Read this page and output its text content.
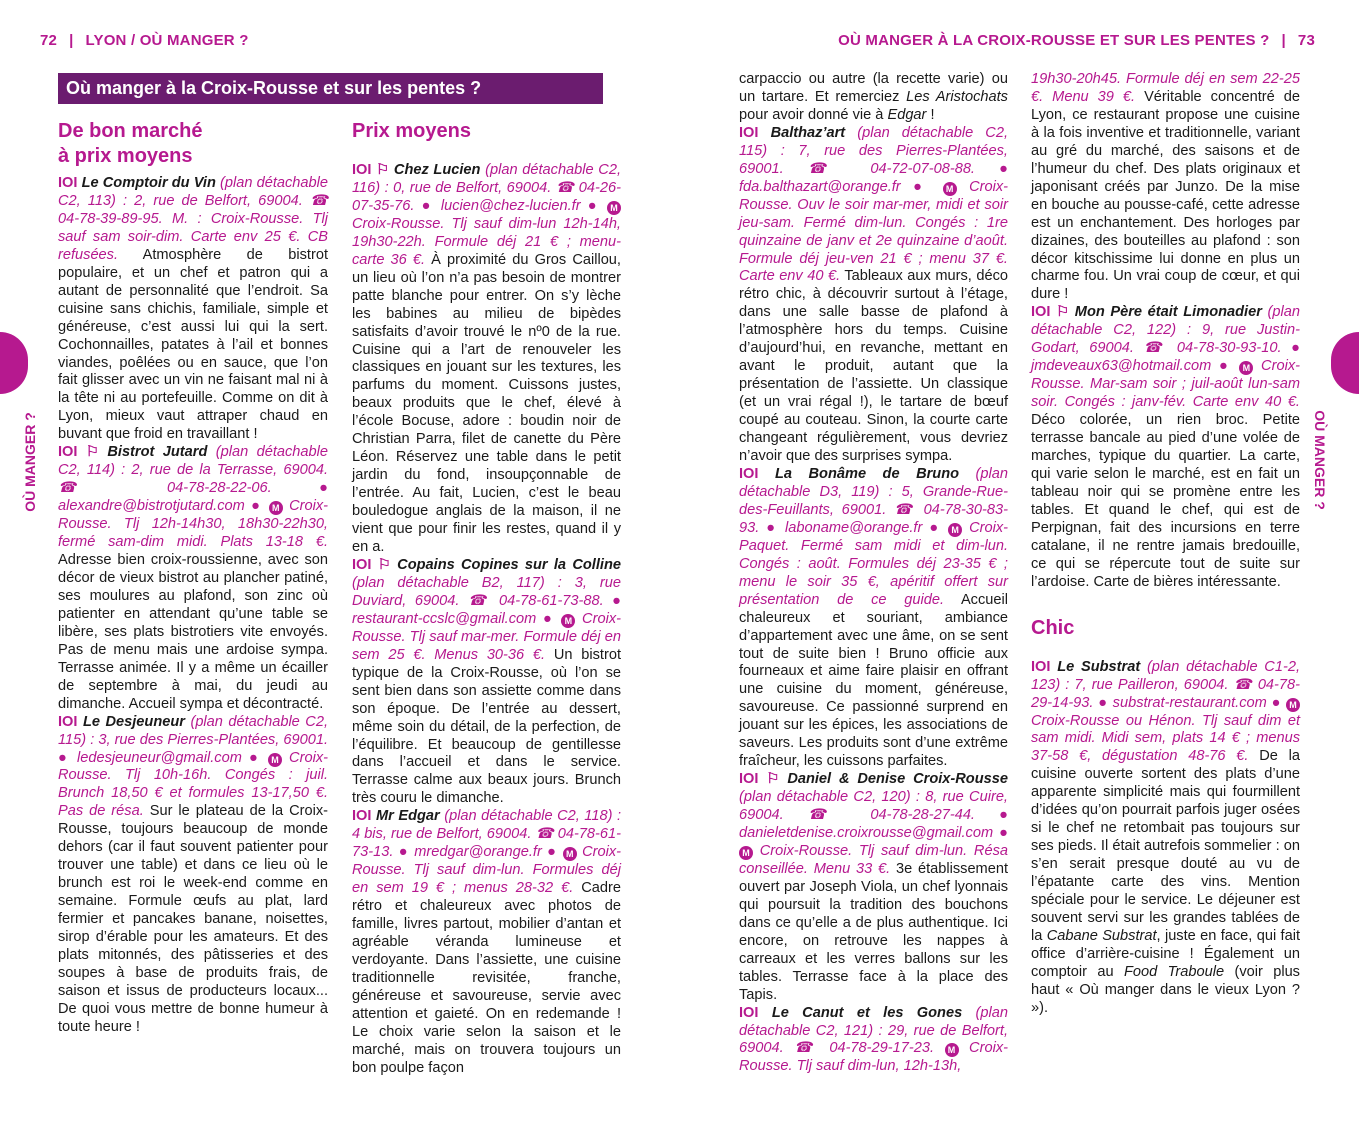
72 | LYON / OÙ MANGER ?	OÙ MANGER À LA CROIX-ROUSSE ET SUR LES PENTES ? | 73
OÙ MANGER ?	OÙ MANGER ?
Où manger à la Croix-Rousse et sur les pentes ?
De bon marché
à prix moyens

IOI Le Comptoir du Vin (plan détachable C2, 113) : 2, rue de Belfort, 69004. ☎ 04-78-39-89-95. M. : Croix-Rousse. Tlj sauf sam soir-dim. Carte env 25 €. CB refusées. Atmosphère de bistrot populaire, et un chef et patron qui a autant de personnalité que l’endroit. Sa cuisine sans chichis, familiale, simple et généreuse, c’est aussi lui qui la sert. Cochonnailles, patates à l’ail et bonnes viandes, poêlées ou en sauce, que l’on fait glisser avec un vin ne faisant mal ni à la tête ni au portefeuille. Comme on dit à Lyon, mieux vaut attraper chaud en buvant que froid en travaillant !

IOI ⚐ Bistrot Jutard (plan détachable C2, 114) : 2, rue de la Terrasse, 69004. ☎ 04-78-28-22-06. ● alexandre@bistrotjutard.com ● M Croix-Rousse. Tlj 12h-14h30, 18h30-22h30, fermé sam-dim midi. Plats 13-18 €. Adresse bien croix-roussienne, avec son décor de vieux bistrot au plancher patiné, ses moulures au plafond, son zinc où patienter en attendant qu’une table se libère, ses plats bistrotiers vite envoyés. Pas de menu mais une ardoise sympa. Terrasse animée. Il y a même un écailler de septembre à mai, du jeudi au dimanche. Accueil sympa et décontracté.

IOI Le Desjeuneur (plan détachable C2, 115) : 3, rue des Pierres-Plantées, 69001. ● ledesjeuneur@gmail.com ● M Croix-Rousse. Tlj 10h-16h. Congés : juil. Brunch 18,50 € et formules 13-17,50 €. Pas de résa. Sur le plateau de la Croix-Rousse, toujours beaucoup de monde dehors (car il faut souvent patienter pour trouver une table) et dans ce lieu où le brunch est roi le week-end comme en semaine. Formule œufs au plat, lard fermier et pancakes banane, noisettes, sirop d’érable pour les amateurs. Et des plats mitonnés, des pâtisseries et des soupes à base de produits frais, de saison et issus de producteurs locaux... De quoi vous mettre de bonne humeur à toute heure !

Prix moyens

IOI ⚐ Chez Lucien (plan détachable C2, 116) : 0, rue de Belfort, 69004. ☎ 04-26-07-35-76. ● lucien@chez-lucien.fr ● M Croix-Rousse. Tlj sauf dim-lun 12h-14h, 19h30-22h. Formule déj 21 € ; menu-carte 36 €. À proximité du Gros Caillou, un lieu où l’on n’a pas besoin de montrer patte blanche pour entrer. On s’y lèche les babines au milieu de bipèdes satisfaits d’avoir trouvé le nº0 de la rue. Cuisine qui a l’art de renouveler les classiques en jouant sur les textures, les parfums du moment. Cuissons justes, beaux produits que le chef, élevé à l’école Bocuse, adore : boudin noir de Christian Parra, filet de canette du Père Léon. Réservez une table dans le petit jardin du fond, insoupçonnable de l’entrée. Au fait, Lucien, c’est le beau bouledogue anglais de la maison, il ne vient que pour finir les restes, quand il y en a.

IOI ⚐ Copains Copines sur la Colline (plan détachable B2, 117) : 3, rue Duviard, 69004. ☎ 04-78-61-73-88. ● restaurant-ccslc@gmail.com ● M Croix-Rousse. Tlj sauf mar-mer. Formule déj en sem 25 €. Menus 30-36 €. Un bistrot typique de la Croix-Rousse, où l’on se sent bien dans son assiette comme dans son époque. De l’entrée au dessert, même soin du détail, de la perfection, de l’équilibre. Et beaucoup de gentillesse dans l’accueil et dans le service. Terrasse calme aux beaux jours. Brunch très couru le dimanche.

IOI Mr Edgar (plan détachable C2, 118) : 4 bis, rue de Belfort, 69004. ☎ 04-78-61-73-13. ● mredgar@orange.fr ● M Croix-Rousse. Tlj sauf dim-lun. Formules déj en sem 19 € ; menus 28-32 €. Cadre rétro et chaleureux avec photos de famille, livres partout, mobilier d’antan et agréable véranda lumineuse et verdoyante. Dans l’assiette, une cuisine traditionnelle revisitée, franche, généreuse et savoureuse, servie avec attention et gaieté. On en redemande ! Le choix varie selon la saison et le marché, mais on trouvera toujours un bon poulpe façon

carpaccio ou autre (la recette varie) ou un tartare. Et remerciez Les Aristochats pour avoir donné vie à Edgar !

IOI Balthaz’art (plan détachable C2, 115) : 7, rue des Pierres-Plantées, 69001. ☎ 04-72-07-08-88. ● fda.balthazart@orange.fr ● M Croix-Rousse. Ouv le soir mar-mer, midi et soir jeu-sam. Fermé dim-lun. Congés : 1re quinzaine de janv et 2e quinzaine d’août. Formule déj jeu-ven 21 € ; menu 37 €. Carte env 40 €. Tableaux aux murs, déco rétro chic, à découvrir surtout à l’étage, dans une salle basse de plafond à l’atmosphère hors du temps. Cuisine d’aujourd’hui, en revanche, mettant en avant le produit, autant que la présentation de l’assiette. Un classique (et un vrai régal !), le tartare de bœuf coupé au couteau. Sinon, la courte carte changeant régulièrement, vous devriez n’avoir que des surprises sympa.

IOI La Bonâme de Bruno (plan détachable D3, 119) : 5, Grande-Rue-des-Feuillants, 69001. ☎ 04-78-30-83-93. ● laboname@orange.fr ● M Croix-Paquet. Fermé sam midi et dim-lun. Congés : août. Formules déj 23-35 € ; menu le soir 35 €, apéritif offert sur présentation de ce guide. Accueil chaleureux et souriant, ambiance d’appartement avec une âme, on se sent tout de suite bien ! Bruno officie aux fourneaux et aime faire plaisir en offrant une cuisine du moment, généreuse, savoureuse. Ce passionné surprend en jouant sur les épices, les associations de saveurs. Les produits sont d’une extrême fraîcheur, les cuissons parfaites.

IOI ⚐ Daniel & Denise Croix-Rousse (plan détachable C2, 120) : 8, rue Cuire, 69004. ☎ 04-78-28-27-44. ● danieletdenise.croixrousse@gmail.com ● M Croix-Rousse. Tlj sauf dim-lun. Résa conseillée. Menu 33 €. 3e établissement ouvert par Joseph Viola, un chef lyonnais qui poursuit la tradition des bouchons dans ce qu’elle a de plus authentique. Ici encore, on retrouve les nappes à carreaux et les verres ballons sur les tables. Terrasse face à la place des Tapis.

IOI Le Canut et les Gones (plan détachable C2, 121) : 29, rue de Belfort, 69004. ☎ 04-78-29-17-23. M Croix-Rousse. Tlj sauf dim-lun, 12h-13h,

19h30-20h45. Formule déj en sem 22-25 €. Menu 39 €. Véritable concentré de Lyon, ce restaurant propose une cuisine à la fois inventive et traditionnelle, variant au gré du marché, des saisons et de l’humeur du chef. Des plats originaux et japonisant créés par Junzo. De la mise en bouche au pousse-café, cette adresse est un enchantement. Des horloges par dizaines, des bouteilles au plafond : son décor kitschissime lui donne en plus un charme fou. Un vrai coup de cœur, et qui dure !

IOI ⚐ Mon Père était Limonadier (plan détachable C2, 122) : 9, rue Justin-Godart, 69004. ☎ 04-78-30-93-10. ● jmdeveaux63@hotmail.com ● M Croix-Rousse. Mar-sam soir ; juil-août lun-sam soir. Congés : janv-fév. Carte env 40 €. Déco colorée, un rien broc. Petite terrasse bancale au pied d’une volée de marches, typique du quartier. La carte, qui varie selon le marché, est en fait un tableau noir qui se promène entre les tables. Et quand le chef, qui est de Perpignan, fait des incursions en terre catalane, il ne rentre jamais bredouille, ce qui se répercute tout de suite sur l’ardoise. Carte de bières intéressante.

Chic

IOI Le Substrat (plan détachable C1-2, 123) : 7, rue Pailleron, 69004. ☎ 04-78-29-14-93. ● substrat-restaurant.com ● M Croix-Rousse ou Hénon. Tlj sauf dim et sam midi. Midi sem, plats 14 € ; menus 37-58 €, dégustation 48-76 €. De la cuisine ouverte sortent des plats d’une apparente simplicité mais qui fourmillent d’idées qu’on pourrait parfois juger osées si le chef ne retombait pas toujours sur ses pieds. Il était autrefois sommelier : on s’en serait presque douté au vu de l’épatante carte des vins. Mention spéciale pour le service. Le déjeuner est souvent servi sur les grandes tablées de la Cabane Substrat, juste en face, qui fait office d’arrière-cuisine ! Également un comptoir au Food Traboule (voir plus haut « Où manger dans le vieux Lyon ? »).
